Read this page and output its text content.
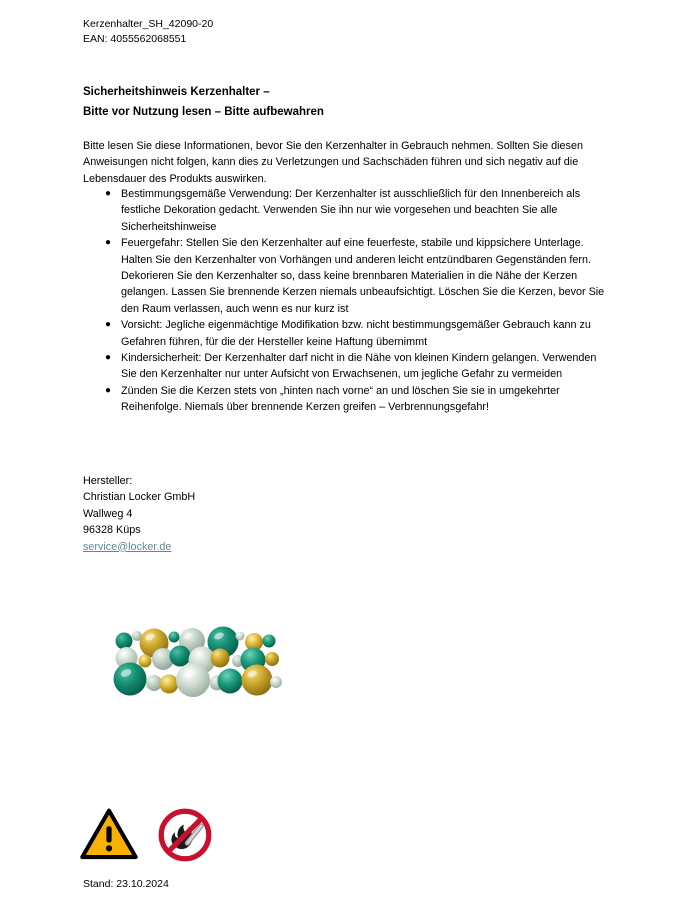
Kerzenhalter_SH_42090-20
EAN: 4055562068551
Sicherheitshinweis Kerzenhalter –
Bitte vor Nutzung lesen – Bitte aufbewahren

Bitte lesen Sie diese Informationen, bevor Sie den Kerzenhalter in Gebrauch nehmen. Sollten Sie diesen Anweisungen nicht folgen, kann dies zu Verletzungen und Sachschäden führen und sich negativ auf die Lebensdauer des Produkts auswirken.

● Bestimmungsgemäße Verwendung: Der Kerzenhalter ist ausschließlich für den Innenbereich als festliche Dekoration gedacht. Verwenden Sie ihn nur wie vorgesehen und beachten Sie alle Sicherheitshinweise
● Feuergefahr: Stellen Sie den Kerzenhalter auf eine feuerfeste, stabile und kippsichere Unterlage. Halten Sie den Kerzenhalter von Vorhängen und anderen leicht entzündbaren Gegenständen fern. Dekorieren Sie den Kerzenhalter so, dass keine brennbaren Materialien in die Nähe der Kerzen gelangen. Lassen Sie brennende Kerzen niemals unbeaufsichtigt. Löschen Sie die Kerzen, bevor Sie den Raum verlassen, auch wenn es nur kurz ist
● Vorsicht: Jegliche eigenmächtige Modifikation bzw. nicht bestimmungsgemäßer Gebrauch kann zu Gefahren führen, für die der Hersteller keine Haftung übernimmt
● Kindersicherheit: Der Kerzenhalter darf nicht in die Nähe von kleinen Kindern gelangen. Verwenden Sie den Kerzenhalter nur unter Aufsicht von Erwachsenen, um jegliche Gefahr zu vermeiden
● Zünden Sie die Kerzen stets von „hinten nach vorne“ an und löschen Sie sie in umgekehrter Reihenfolge. Niemals über brennende Kerzen greifen – Verbrennungsgefahr!
Hersteller:
Christian Locker GmbH
Wallweg 4
96328 Küps
service@locker.de
Stand: 23.10.2024
